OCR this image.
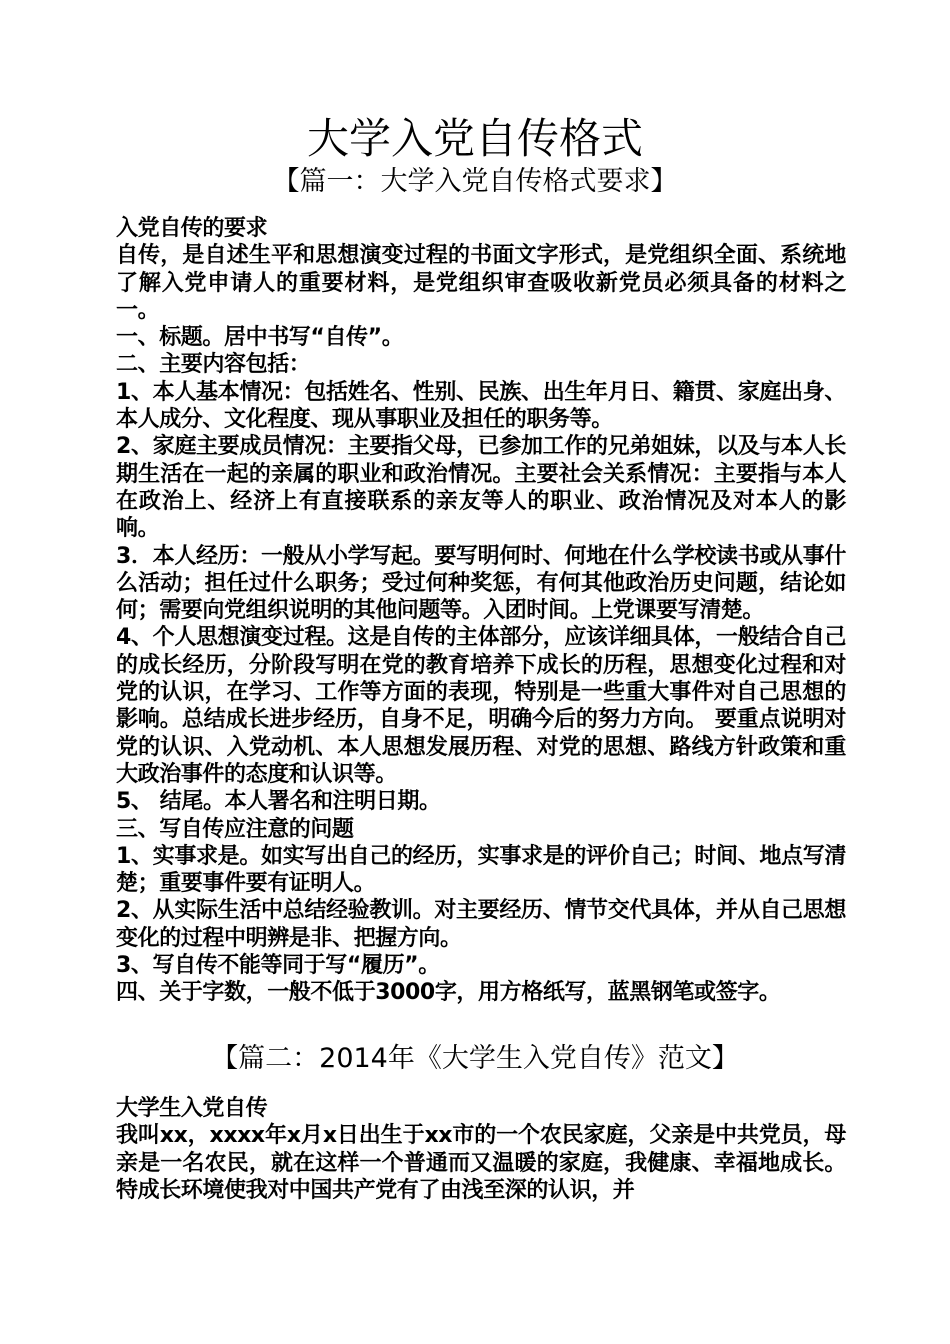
大学入党自传格式
【篇一：大学入党自传格式要求】

入党自传的要求

自传，是自述生平和思想演变过程的书面文字形式，是党组织全面、系统地了解入党申请人的重要材料，是党组织审查吸收新党员必须具备的材料之一。

一、标题。居中书写“自传”。

二、主要内容包括：

1、本人基本情况：包括姓名、性别、民族、出生年月日、籍贯、家庭出身、本人成分、文化程度、现从事职业及担任的职务等。

2、家庭主要成员情况：主要指父母，已参加工作的兄弟姐妹，以及与本人长期生活在一起的亲属的职业和政治情况。主要社会关系情况：主要指与本人在政治上、经济上有直接联系的亲友等人的职业、政治情况及对本人的影响。

3．本人经历：一般从小学写起。要写明何时、何地在什么学校读书或从事什么活动；担任过什么职务；受过何种奖惩，有何其他政治历史问题，结论如何；需要向党组织说明的其他问题等。入团时间。上党课要写清楚。

4、个人思想演变过程。这是自传的主体部分，应该详细具体，一般结合自己的成长经历，分阶段写明在党的教育培养下成长的历程，思想变化过程和对党的认识，在学习、工作等方面的表现，特别是一些重大事件对自己思想的影响。总结成长进步经历，自身不足，明确今后的努力方向。 要重点说明对党的认识、入党动机、本人思想发展历程、对党的思想、路线方针政策和重大政治事件的态度和认识等。

5、 结尾。本人署名和注明日期。

三、写自传应注意的问题

1、实事求是。如实写出自己的经历，实事求是的评价自己；时间、地点写清楚；重要事件要有证明人。

2、从实际生活中总结经验教训。对主要经历、情节交代具体，并从自己思想变化的过程中明辨是非、把握方向。

3、写自传不能等同于写“履历”。

四、关于字数，一般不低于3000字，用方格纸写，蓝黑钢笔或签字。

【篇二：2014年《大学生入党自传》范文】

大学生入党自传

我叫xx，xxxx年x月x日出生于xx市的一个农民家庭，父亲是中共党员，母亲是一名农民，就在这样一个普通而又温暖的家庭，我健康、幸福地成长。特成长环境使我对中国共产党有了由浅至深的认识，并
